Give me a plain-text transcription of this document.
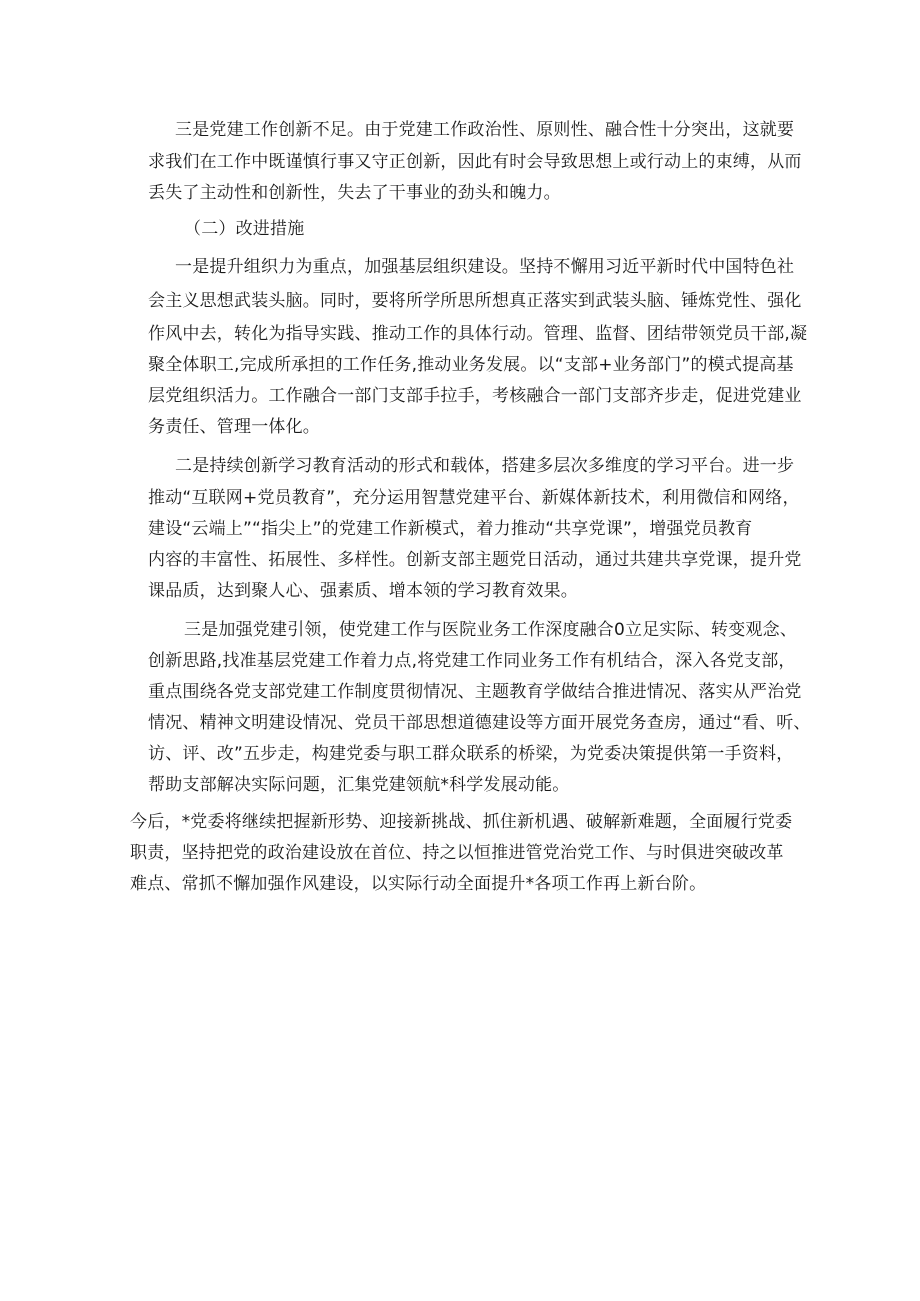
三是党建工作创新不足。由于党建工作政治性、原则性、融合性十分突出，这就要
求我们在工作中既谨慎行事又守正创新，因此有时会导致思想上或行动上的束缚，从而
丢失了主动性和创新性，失去了干事业的劲头和魄力。
（二）改进措施
一是提升组织力为重点，加强基层组织建设。坚持不懈用习近平新时代中国特色社
会主义思想武装头脑。同时，要将所学所思所想真正落实到武装头脑、锤炼党性、强化
作风中去，转化为指导实践、推动工作的具体行动。管理、监督、团结带领党员干部,凝
聚全体职工,完成所承担的工作任务,推动业务发展。以“支部+业务部门”的模式提高基
层党组织活力。工作融合一部门支部手拉手，考核融合一部门支部齐步走，促进党建业
务责任、管理一体化。
二是持续创新学习教育活动的形式和载体，搭建多层次多维度的学习平台。进一步
推动“互联网+党员教育”，充分运用智慧党建平台、新媒体新技术，利用微信和网络，
建设“云端上”“指尖上”的党建工作新模式，着力推动“共享党课”，增强党员教育
内容的丰富性、拓展性、多样性。创新支部主题党日活动，通过共建共享党课，提升党
课品质，达到聚人心、强素质、增本领的学习教育效果。
三是加强党建引领，使党建工作与医院业务工作深度融合0立足实际、转变观念、
创新思路,找准基层党建工作着力点,将党建工作同业务工作有机结合，深入各党支部，
重点围绕各党支部党建工作制度贯彻情况、主题教育学做结合推进情况、落实从严治党
情况、精神文明建设情况、党员干部思想道德建设等方面开展党务查房，通过“看、听、
访、评、改”五步走，构建党委与职工群众联系的桥梁，为党委决策提供第一手资料，
帮助支部解决实际问题，汇集党建领航*科学发展动能。
今后，*党委将继续把握新形势、迎接新挑战、抓住新机遇、破解新难题，全面履行党委
职责，坚持把党的政治建设放在首位、持之以恒推进管党治党工作、与时俱进突破改革
难点、常抓不懈加强作风建设，以实际行动全面提升*各项工作再上新台阶。
